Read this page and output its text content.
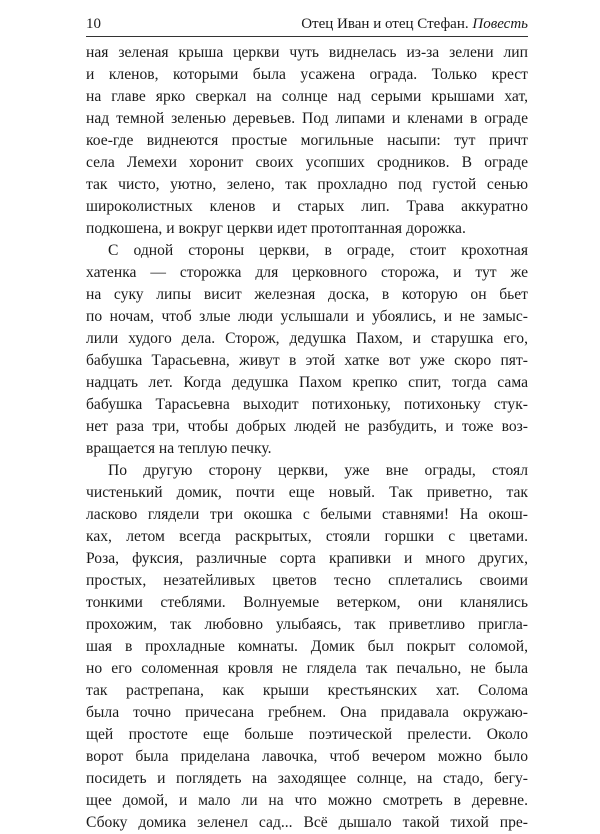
10	Отец Иван и отец Стефан. Повесть
ная зеленая крыша церкви чуть виднелась из-за зелени лип
и кленов, которыми была усажена ограда. Только крест
на главе ярко сверкал на солнце над серыми крышами хат,
над темной зеленью деревьев. Под липами и кленами в ограде
кое-где виднеются простые могильные насыпи: тут причт
села Лемехи хоронит своих усопших сродников. В ограде
так чисто, уютно, зелено, так прохладно под густой сенью
широколистных кленов и старых лип. Трава аккуратно
подкошена, и вокруг церкви идет протоптанная дорожка.
С одной стороны церкви, в ограде, стоит крохотная
хатенка — сторожка для церковного сторожа, и тут же
на суку липы висит железная доска, в которую он бьет
по ночам, чтоб злые люди услышали и убоялись, и не замыс-
лили худого дела. Сторож, дедушка Пахом, и старушка его,
бабушка Тарасьевна, живут в этой хатке вот уже скоро пят-
надцать лет. Когда дедушка Пахом крепко спит, тогда сама
бабушка Тарасьевна выходит потихоньку, потихоньку стук-
нет раза три, чтобы добрых людей не разбудить, и тоже воз-
вращается на теплую печку.
По другую сторону церкви, уже вне ограды, стоял
чистенький домик, почти еще новый. Так приветно, так
ласково глядели три окошка с белыми ставнями! На окош-
ках, летом всегда раскрытых, стояли горшки с цветами.
Роза, фуксия, различные сорта крапивки и много других,
простых, незатейливых цветов тесно сплетались своими
тонкими стеблями. Волнуемые ветерком, они кланялись
прохожим, так любовно улыбаясь, так приветливо пригла-
шая в прохладные комнаты. Домик был покрыт соломой,
но его соломенная кровля не глядела так печально, не была
так растрепана, как крыши крестьянских хат. Солома
была точно причесана гребнем. Она придавала окружаю-
щей простоте еще больше поэтической прелести. Около
ворот была приделана лавочка, чтоб вечером можно было
посидеть и поглядеть на заходящее солнце, на стадо, бегу-
щее домой, и мало ли на что можно смотреть в деревне.
Сбоку домика зеленел сад... Всё дышало такой тихой пре-
